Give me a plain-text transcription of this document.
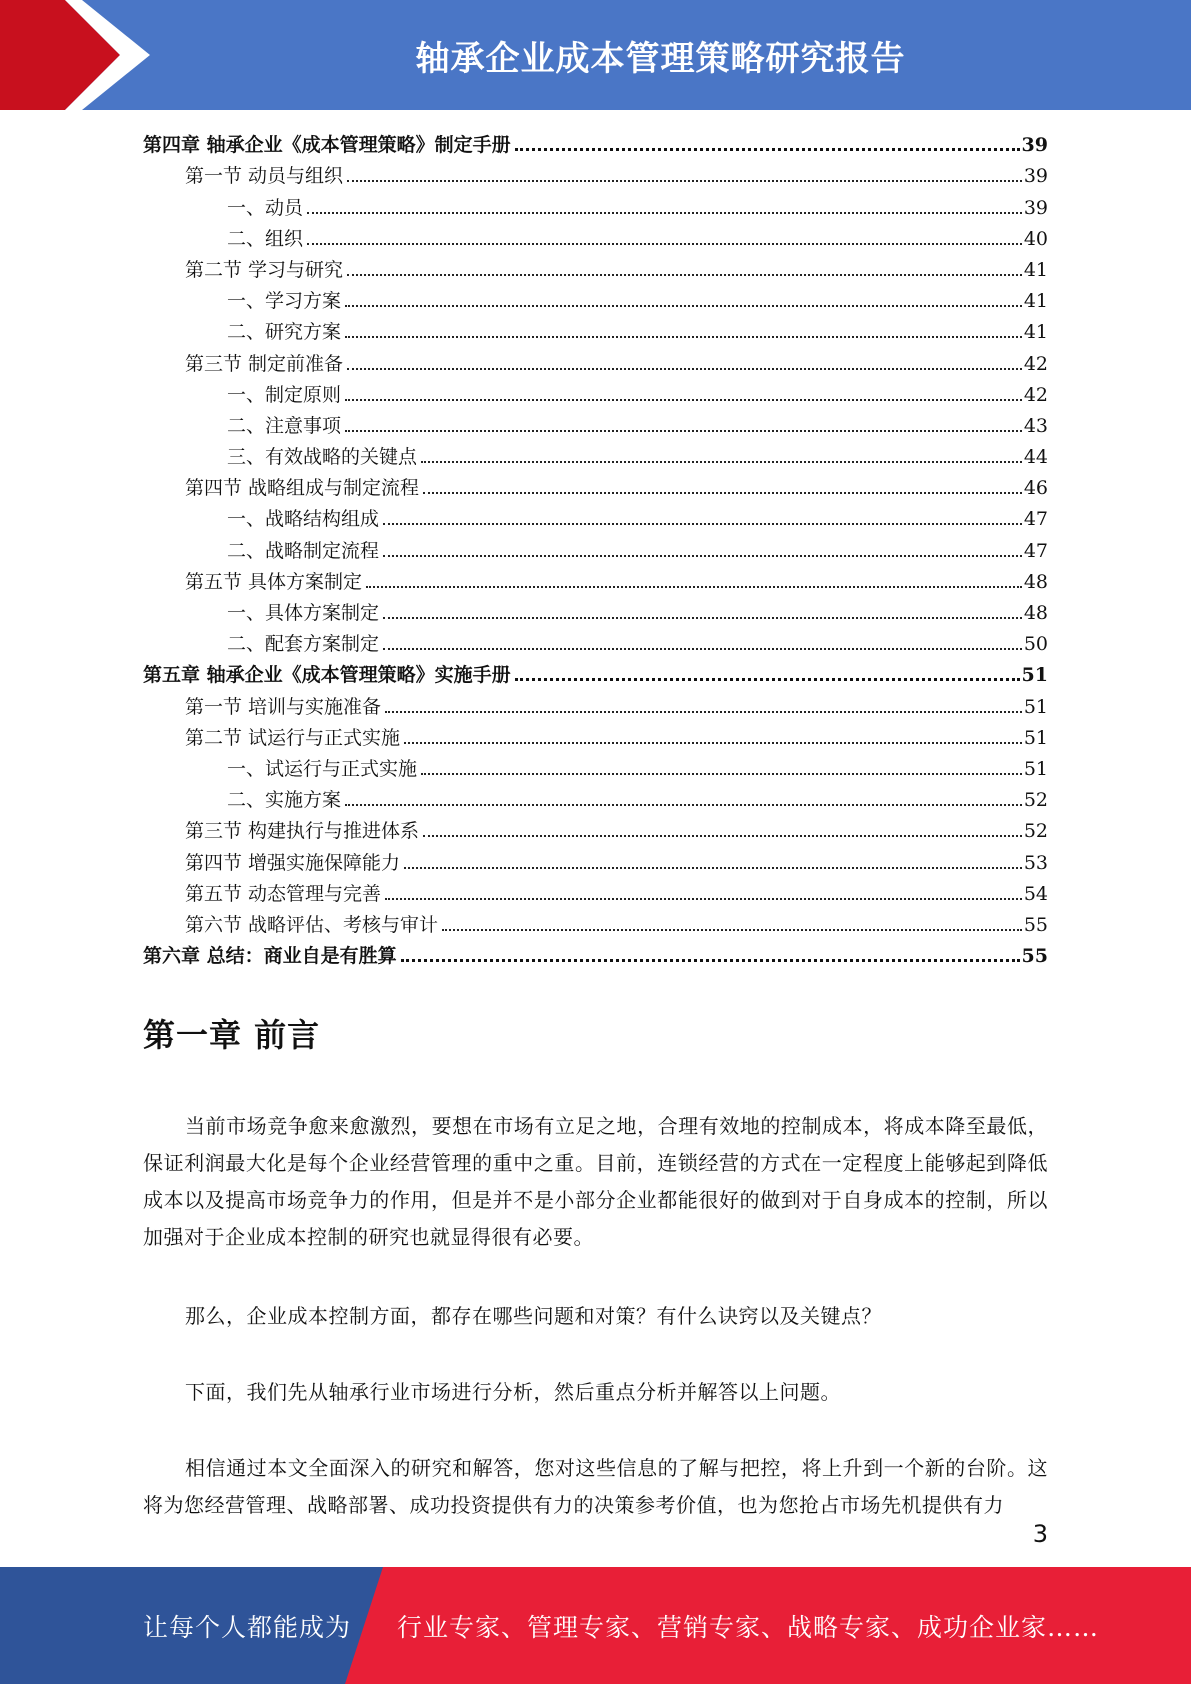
轴承企业成本管理策略研究报告
第四章 轴承企业《成本管理策略》制定手册	39
第一节 动员与组织	39
一、动员	39
二、组织	40
第二节 学习与研究	41
一、学习方案	41
二、研究方案	41
第三节 制定前准备	42
一、制定原则	42
二、注意事项	43
三、有效战略的关键点	44
第四节 战略组成与制定流程	46
一、战略结构组成	47
二、战略制定流程	47
第五节 具体方案制定	48
一、具体方案制定	48
二、配套方案制定	50
第五章 轴承企业《成本管理策略》实施手册	51
第一节 培训与实施准备	51
第二节 试运行与正式实施	51
一、试运行与正式实施	51
二、实施方案	52
第三节 构建执行与推进体系	52
第四节 增强实施保障能力	53
第五节 动态管理与完善	54
第六节 战略评估、考核与审计	55
第六章 总结：商业自是有胜算	55
第一章 前言
当前市场竞争愈来愈激烈，要想在市场有立足之地，合理有效地的控制成本，将成本降至最低，保证利润最大化是每个企业经营管理的重中之重。目前，连锁经营的方式在一定程度上能够起到降低成本以及提高市场竞争力的作用，但是并不是小部分企业都能很好的做到对于自身成本的控制，所以加强对于企业成本控制的研究也就显得很有必要。
那么，企业成本控制方面，都存在哪些问题和对策？有什么诀窍以及关键点？
下面，我们先从轴承行业市场进行分析，然后重点分析并解答以上问题。
相信通过本文全面深入的研究和解答，您对这些信息的了解与把控，将上升到一个新的台阶。这将为您经营管理、战略部署、成功投资提供有力的决策参考价值，也为您抢占市场先机提供有力
3
让每个人都能成为 行业专家、管理专家、营销专家、战略专家、成功企业家……
